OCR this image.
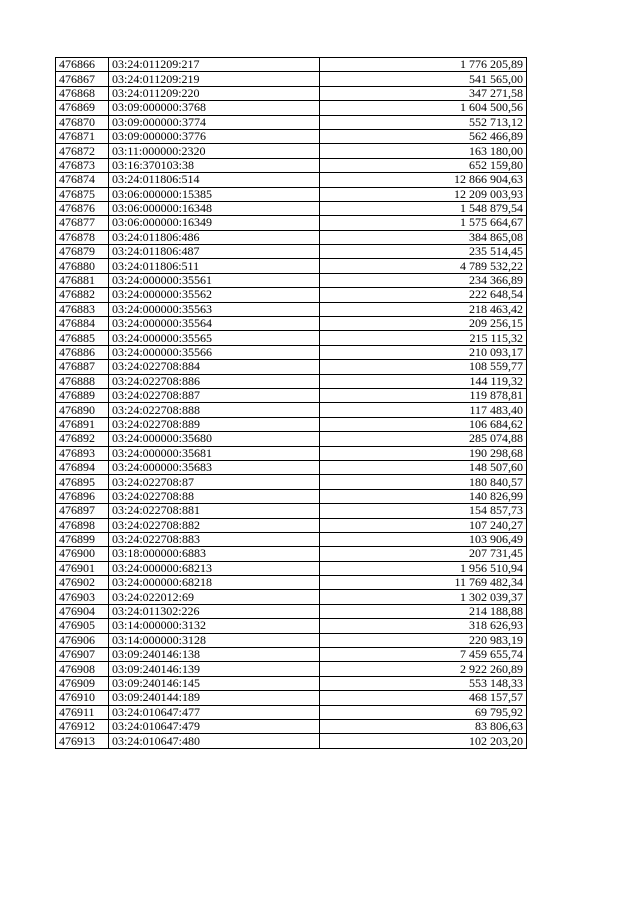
476866	03:24:011209:217	1 776 205,89
476867	03:24:011209:219	541 565,00
476868	03:24:011209:220	347 271,58
476869	03:09:000000:3768	1 604 500,56
476870	03:09:000000:3774	552 713,12
476871	03:09:000000:3776	562 466,89
476872	03:11:000000:2320	163 180,00
476873	03:16:370103:38	652 159,80
476874	03:24:011806:514	12 866 904,63
476875	03:06:000000:15385	12 209 003,93
476876	03:06:000000:16348	1 548 879,54
476877	03:06:000000:16349	1 575 664,67
476878	03:24:011806:486	384 865,08
476879	03:24:011806:487	235 514,45
476880	03:24:011806:511	4 789 532,22
476881	03:24:000000:35561	234 366,89
476882	03:24:000000:35562	222 648,54
476883	03:24:000000:35563	218 463,42
476884	03:24:000000:35564	209 256,15
476885	03:24:000000:35565	215 115,32
476886	03:24:000000:35566	210 093,17
476887	03:24:022708:884	108 559,77
476888	03:24:022708:886	144 119,32
476889	03:24:022708:887	119 878,81
476890	03:24:022708:888	117 483,40
476891	03:24:022708:889	106 684,62
476892	03:24:000000:35680	285 074,88
476893	03:24:000000:35681	190 298,68
476894	03:24:000000:35683	148 507,60
476895	03:24:022708:87	180 840,57
476896	03:24:022708:88	140 826,99
476897	03:24:022708:881	154 857,73
476898	03:24:022708:882	107 240,27
476899	03:24:022708:883	103 906,49
476900	03:18:000000:6883	207 731,45
476901	03:24:000000:68213	1 956 510,94
476902	03:24:000000:68218	11 769 482,34
476903	03:24:022012:69	1 302 039,37
476904	03:24:011302:226	214 188,88
476905	03:14:000000:3132	318 626,93
476906	03:14:000000:3128	220 983,19
476907	03:09:240146:138	7 459 655,74
476908	03:09:240146:139	2 922 260,89
476909	03:09:240146:145	553 148,33
476910	03:09:240144:189	468 157,57
476911	03:24:010647:477	69 795,92
476912	03:24:010647:479	83 806,63
476913	03:24:010647:480	102 203,20
